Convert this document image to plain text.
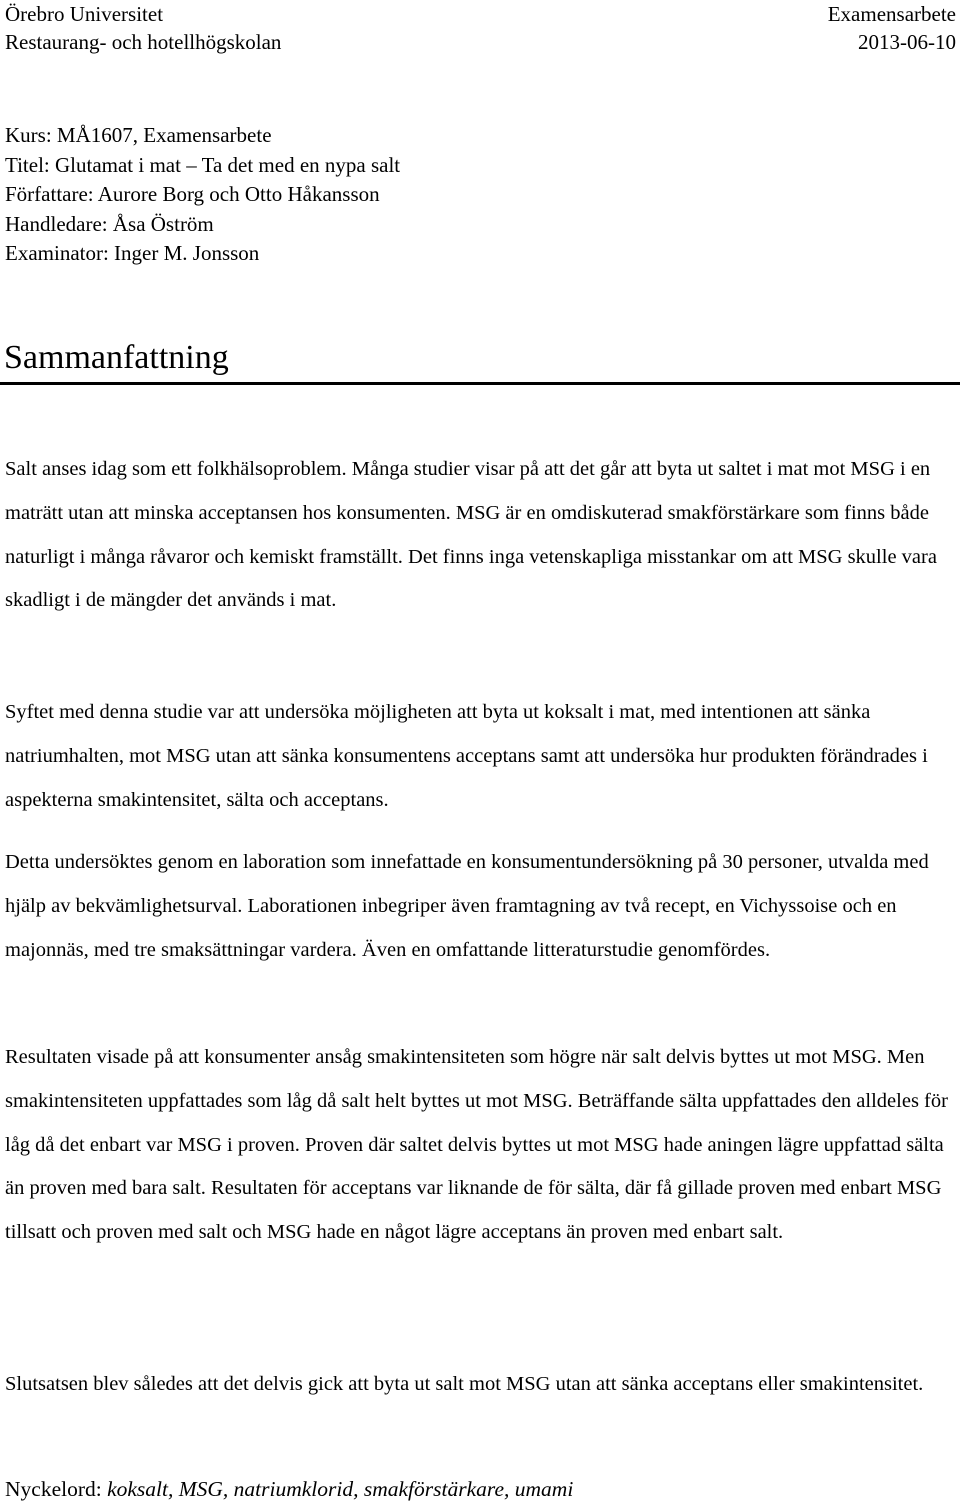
Örebro Universitet	Examensarbete
Restaurang- och hotellhögskolan	2013-06-10
Kurs: MÅ1607, Examensarbete
Titel: Glutamat i mat – Ta det med en nypa salt
Författare: Aurore Borg och Otto Håkansson
Handledare: Åsa Öström
Examinator: Inger M. Jonsson
Sammanfattning

Salt anses idag som ett folkhälsoproblem. Många studier visar på att det går att byta ut saltet i mat mot MSG i en maträtt utan att minska acceptansen hos konsumenten. MSG är en omdiskuterad smakförstärkare som finns både naturligt i många råvaror och kemiskt framställt. Det finns inga vetenskapliga misstankar om att MSG skulle vara skadligt i de mängder det används i mat.

Syftet med denna studie var att undersöka möjligheten att byta ut koksalt i mat, med intentionen att sänka natriumhalten, mot MSG utan att sänka konsumentens acceptans samt att undersöka hur produkten förändrades i aspekterna smakintensitet, sälta och acceptans.

Detta undersöktes genom en laboration som innefattade en konsumentundersökning på 30 personer, utvalda med hjälp av bekvämlighetsurval. Laborationen inbegriper även framtagning av två recept, en Vichyssoise och en majonnäs, med tre smaksättningar vardera. Även en omfattande litteraturstudie genomfördes.

Resultaten visade på att konsumenter ansåg smakintensiteten som högre när salt delvis byttes ut mot MSG. Men smakintensiteten uppfattades som låg då salt helt byttes ut mot MSG. Beträffande sälta uppfattades den alldeles för låg då det enbart var MSG i proven. Proven där saltet delvis byttes ut mot MSG hade aningen lägre uppfattad sälta än proven med bara salt. Resultaten för acceptans var liknande de för sälta, där få gillade proven med enbart MSG tillsatt och proven med salt och MSG hade en något lägre acceptans än proven med enbart salt.

Slutsatsen blev således att det delvis gick att byta ut salt mot MSG utan att sänka acceptans eller smakintensitet.

Nyckelord: koksalt, MSG, natriumklorid, smakförstärkare, umami
